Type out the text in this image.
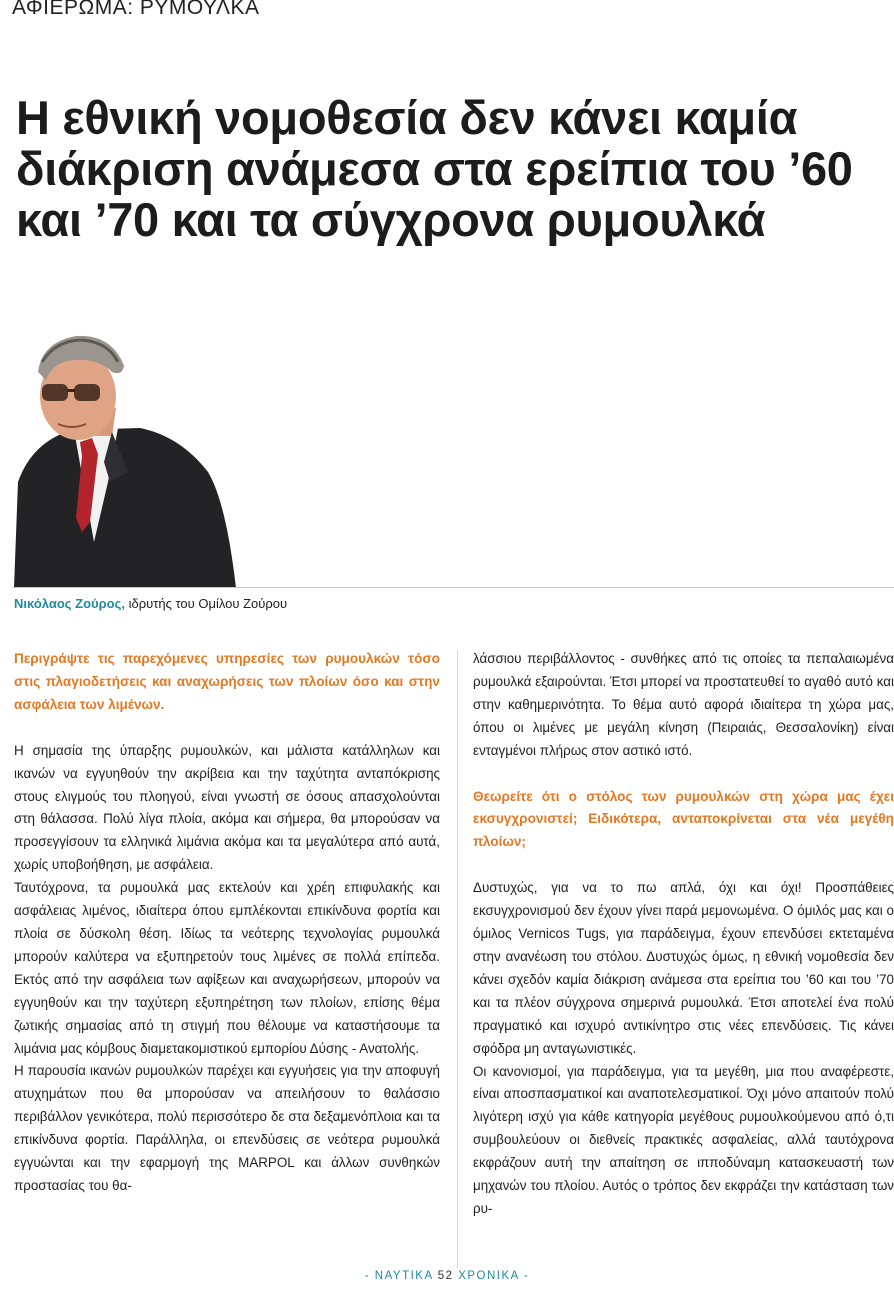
ΑΦΙΕΡΩΜΑ: ΡΥΜΟΥΛΚΑ
Η εθνική νομοθεσία δεν κάνει καμία διάκριση ανάμεσα στα ερείπια του ’60 και ’70 και τα σύγχρονα ρυμουλκά
Νικόλαος Ζούρος, ιδρυτής του Ομίλου Ζούρου

Περιγράψτε τις παρεχόμενες υπηρεσίες των ρυμουλκών τόσο στις πλαγιοδετήσεις και αναχωρήσεις των πλοίων όσο και στην ασφάλεια των λιμένων.

Η σημασία της ύπαρξης ρυμουλκών, και μάλιστα κατάλληλων και ικανών να εγγυηθούν την ακρίβεια και την ταχύτητα ανταπόκρισης στους ελιγμούς του πλοηγού, είναι γνωστή σε όσους απασχολούνται στη θάλασσα. Πολύ λίγα πλοία, ακόμα και σήμερα, θα μπορούσαν να προσεγγίσουν τα ελληνικά λιμάνια ακόμα και τα μεγαλύτερα από αυτά, χωρίς υποβοήθηση, με ασφάλεια.

Ταυτόχρονα, τα ρυμουλκά μας εκτελούν και χρέη επιφυλακής και ασφάλειας λιμένος, ιδιαίτερα όπου εμπλέκονται επικίνδυνα φορτία και πλοία σε δύσκολη θέση. Ιδίως τα νεότερης τεχνολογίας ρυμουλκά μπορούν καλύτερα να εξυπηρετούν τους λιμένες σε πολλά επίπεδα. Εκτός από την ασφάλεια των αφίξεων και αναχωρήσεων, μπορούν να εγγυηθούν και την ταχύτερη εξυπηρέτηση των πλοίων, επίσης θέμα ζωτικής σημασίας από τη στιγμή που θέλουμε να καταστήσουμε τα λιμάνια μας κόμβους διαμετακομιστικού εμπορίου Δύσης - Ανατολής.

Η παρουσία ικανών ρυμουλκών παρέχει και εγγυήσεις για την αποφυγή ατυχημάτων που θα μπορούσαν να απειλήσουν το θαλάσσιο περιβάλλον γενικότερα, πολύ περισσότερο δε στα δεξαμενόπλοια και τα επικίνδυνα φορτία. Παράλληλα, οι επενδύσεις σε νεότερα ρυμουλκά εγγυώνται και την εφαρμογή της MARPOL και άλλων συνθηκών προστασίας του θα-

λάσσιου περιβάλλοντος - συνθήκες από τις οποίες τα πεπαλαιωμένα ρυμουλκά εξαιρούνται. Έτσι μπορεί να προστατευθεί το αγαθό αυτό και στην καθημερινότητα. Το θέμα αυτό αφορά ιδιαίτερα τη χώρα μας, όπου οι λιμένες με μεγάλη κίνηση (Πειραιάς, Θεσσαλονίκη) είναι ενταγμένοι πλήρως στον αστικό ιστό.

Θεωρείτε ότι ο στόλος των ρυμουλκών στη χώρα μας έχει εκσυγχρονιστεί; Ειδικότερα, ανταποκρίνεται στα νέα μεγέθη πλοίων;

Δυστυχώς, για να το πω απλά, όχι και όχι! Προσπάθειες εκσυγχρονισμού δεν έχουν γίνει παρά μεμονωμένα. Ο όμιλός μας και ο όμιλος Vernicos Tugs, για παράδειγμα, έχουν επενδύσει εκτεταμένα στην ανανέωση του στόλου. Δυστυχώς όμως, η εθνική νομοθεσία δεν κάνει σχεδόν καμία διάκριση ανάμεσα στα ερείπια του ’60 και του ’70 και τα πλέον σύγχρονα σημερινά ρυμουλκά. Έτσι αποτελεί ένα πολύ πραγματικό και ισχυρό αντικίνητρο στις νέες επενδύσεις. Τις κάνει σφόδρα μη ανταγωνιστικές.

Οι κανονισμοί, για παράδειγμα, για τα μεγέθη, μια που αναφέρεστε, είναι αποσπασματικοί και αναποτελεσματικοί. Όχι μόνο απαιτούν πολύ λιγότερη ισχύ για κάθε κατηγορία μεγέθους ρυμουλκούμενου από ό,τι συμβουλεύουν οι διεθνείς πρακτικές ασφαλείας, αλλά ταυτόχρονα εκφράζουν αυτή την απαίτηση σε ιπποδύναμη κατασκευαστή των μηχανών του πλοίου. Αυτός ο τρόπος δεν εκφράζει την κατάσταση των ρυ-

- ΝΑΥΤΙΚΑ 52 ΧΡΟΝΙΚΑ -
